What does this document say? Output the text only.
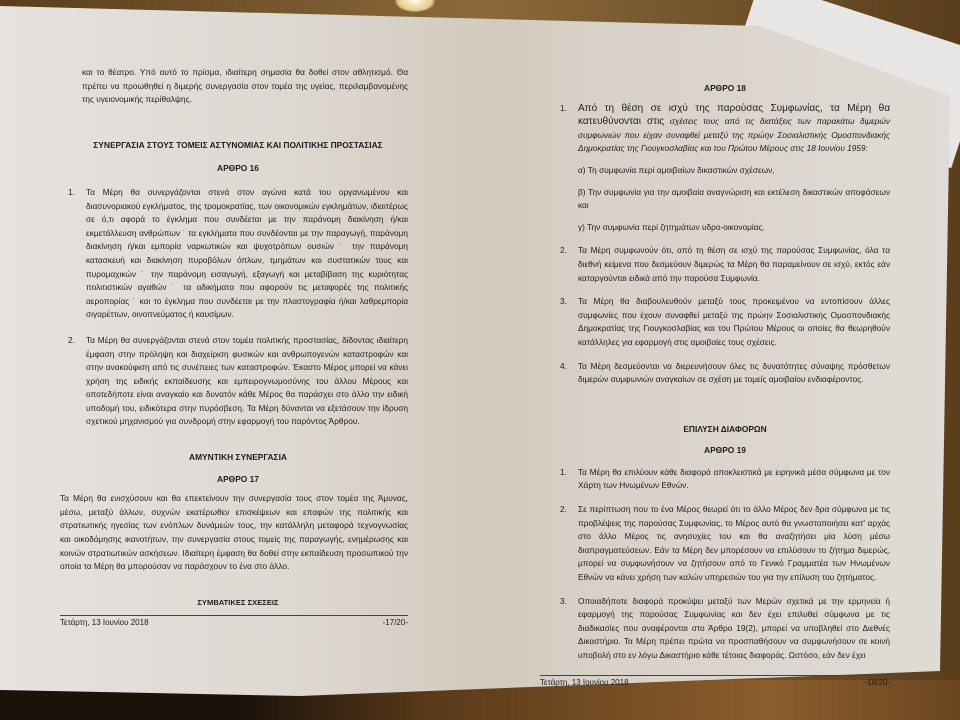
και το θέατρο. Υπό αυτό το πρίσμα, ιδιαίτερη σημασία θα δοθεί στον αθλητισμό. Θα πρέπει να προωθηθεί η διμερής συνεργασία στον τομέα της υγείας, περιλαμβανομένης της υγειονομικής περίθαλψης.

ΣΥΝΕΡΓΑΣΙΑ ΣΤΟΥΣ ΤΟΜΕΙΣ ΑΣΤΥΝΟΜΙΑΣ ΚΑΙ ΠΟΛΙΤΙΚΗΣ ΠΡΟΣΤΑΣΙΑΣ

ΑΡΘΡΟ 16

1.	Τα Μέρη θα συνεργάζονται στενά στον αγώνα κατά του οργανωμένου και διασυνοριακού εγκλήματος, της τρομοκρατίας, των οικονομικών εγκλημάτων, ιδιαιτέρως σε ό,τι αφορά το έγκλημα που συνδέεται με την παράνομη διακίνηση ή/και εκμετάλλευση ανθρώπων ˙ τα εγκλήματα που συνδέονται με την παραγωγή, παράνομη διακίνηση ή/και εμπορία ναρκωτικών και ψυχοτρόπων ουσιών ˙ την παράνομη κατασκευή και διακίνηση πυροβόλων όπλων, τμημάτων και συστατικών τους και πυρομαχικών ˙ την παράνομη εισαγωγή, εξαγωγή και μεταβίβαση της κυριότητας πολιτιστικών αγαθών ˙ τα αδικήματα που αφορούν τις μεταφορές της πολιτικής αεροπορίας ˙ και το έγκλημα που συνδέεται με την πλαστογραφία ή/και λαθρεμπορία σιγαρέττων, οινοπνεύματος ή καυσίμων.
2.	Τα Μέρη θα συνεργάζονται στενά στον τομέα πολιτικής προστασίας, δίδοντας ιδιαίτερη έμφαση στην πρόληψη και διαχείριση φυσικών και ανθρωπογενών καταστροφών και στην ανακούφιση από τις συνέπειες των καταστροφών. Έκαστο Μέρος μπορεί να κάνει χρήση της ειδικής εκπαίδευσης και εμπειρογνωμοσύνης του άλλου Μέρους και οποτεδήποτε είναι αναγκαίο και δυνατόν κάθε Μέρος θα παράσχει στο άλλο την ειδική υποδομή του, ειδικότερα στην πυρόσβεση. Τα Μέρη δύνανται να εξετάσουν την ίδρυση σχετικού μηχανισμού για συνδρομή στην εφαρμογή του παρόντος Άρθρου.

ΑΜΥΝΤΙΚΗ ΣΥΝΕΡΓΑΣΙΑ

ΑΡΘΡΟ 17

Τα Μέρη θα ενισχύσουν και θα επεκτείνουν την συνεργασία τους στον τομέα της Άμυνας, μέσω, μεταξύ άλλων, συχνών εκατέρωθεν επισκέψεων και επαφών της πολιτικής και στρατιωτικής ηγεσίας των ενόπλων δυνάμεών τους, την κατάλληλη μεταφορά τεχνογνωσίας και οικοδόμησης ικανοτήτων, την συνεργασία στους τομείς της παραγωγής, ενημέρωσης και κοινών στρατιωτικών ασκήσεων. Ιδιαίτερη έμφαση θα δοθεί στην εκπαίδευση προσωπικού την οποία τα Μέρη θα μπορούσαν να παράσχουν το ένα στο άλλο.

ΣΥΜΒΑΤΙΚΕΣ ΣΧΕΣΕΙΣ

Τετάρτη, 13 Ιουνίου 2018	-17/20-

ΑΡΘΡΟ 18

1.	Από τη θέση σε ισχύ της παρούσας Συμφωνίας, τα Μέρη θα κατευθύνονται στις σχέσεις τους από τις διατάξεις των παρακάτω διμερών συμφωνιών που είχαν συναφθεί μεταξύ της πρώην Σοσιαλιστικής Ομοσπονδιακής Δημοκρατίας της Γιουγκοσλαβίας και του Πρώτου Μέρους στις 18 Ιουνίου 1959:

α) Τη συμφωνία περί αμοιβαίων δικαστικών σχέσεων,

β) Την συμφωνία για την αμοιβαία αναγνώριση και εκτέλεση δικαστικών αποφάσεων και

γ) Την συμφωνία περί ζητημάτων υδρο-οικονομίας.

2.	Τα Μέρη συμφωνούν ότι, από τη θέση σε ισχύ της παρούσας Συμφωνίας, όλα τα διεθνή κείμενα που δεσμεύουν διμερώς τα Μέρη θα παραμείνουν σε ισχύ, εκτός εάν καταργούνται ειδικά από την παρούσα Συμφωνία.
3.	Τα Μέρη θα διαβουλευθούν μεταξύ τους προκειμένου να εντοπίσουν άλλες συμφωνίες που έχουν συναφθεί μεταξύ της πρώην Σοσιαλιστικής Ομοσπονδιακής Δημοκρατίας της Γιουγκοσλαβίας και του Πρώτου Μέρους οι οποίες θα θεωρηθούν κατάλληλες για εφαρμογή στις αμοιβαίες τους σχέσεις.
4.	Τα Μέρη δεσμεύονται να διερευνήσουν όλες τις δυνατότητες σύναψης πρόσθετων διμερών συμφωνιών αναγκαίων σε σχέση με τομείς αμοιβαίου ενδιαφέροντος.

ΕΠΙΛΥΣΗ ΔΙΑΦΟΡΩΝ

ΑΡΘΡΟ 19

1.	Τα Μέρη θα επιλύουν κάθε διαφορά αποκλειστικά με ειρηνικά μέσα σύμφωνα με τον Χάρτη των Ηνωμένων Εθνών.
2.	Σε περίπτωση που το ένα Μέρος θεωρεί ότι το άλλο Μέρος δεν δρα σύμφωνα με τις προβλέψεις της παρούσας Συμφωνίας, το Μέρος αυτό θα γνωστοποιήσει κατ' αρχάς στο άλλο Μέρος τις ανησυχίες του και θα αναζητήσει μία λύση μέσω διαπραγματεύσεων. Εάν τα Μέρη δεν μπορέσουν να επιλύσουν το ζήτημα διμερώς, μπορεί να συμφωνήσουν να ζητήσουν από το Γενικό Γραμματέα των Ηνωμένων Εθνών να κάνει χρήση των καλών υπηρεσιών του για την επίλυση του ζητήματος.
3.	Οποιαδήποτε διαφορά προκύψει μεταξύ των Μερών σχετικά με την ερμηνεία ή εφαρμογή της παρούσας Συμφωνίας και δεν έχει επιλυθεί σύμφωνα με τις διαδικασίες που αναφέρονται στο Άρθρο 19(2), μπορεί να υποβληθεί στο Διεθνές Δικαστήριο. Τα Μέρη πρέπει πρώτα να προσπαθήσουν να συμφωνήσουν σε κοινή υποβολή στο εν λόγω Δικαστήριο κάθε τέτοιας διαφοράς. Ωστόσο, εάν δεν έχει
Τετάρτη, 13 Ιουνίου 2018	-18/20-
